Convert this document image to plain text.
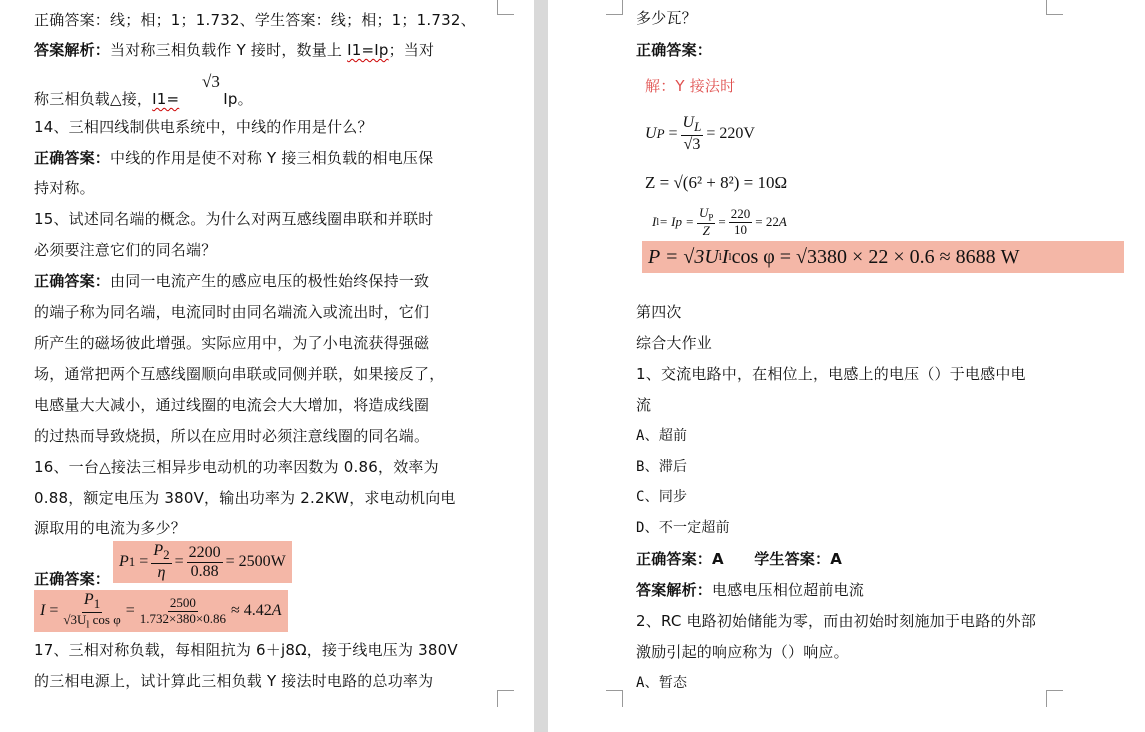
正确答案：线；相；1；1.732、学生答案：线；相；1；1.732、
答案解析：当对称三相负载作 Y 接时，数量上 I1=Ip；当对
√3
称三相负载△接，I1=	Ip。
14、三相四线制供电系统中，中线的作用是什么？
正确答案：中线的作用是使不对称 Y 接三相负载的相电压保
持对称。
15、试述同名端的概念。为什么对两互感线圈串联和并联时
必须要注意它们的同名端？
正确答案：由同一电流产生的感应电压的极性始终保持一致
的端子称为同名端，电流同时由同名端流入或流出时，它们
所产生的磁场彼此增强。实际应用中，为了小电流获得强磁
场，通常把两个互感线圈顺向串联或同侧并联，如果接反了，
电感量大大减小，通过线圈的电流会大大增加，将造成线圈
的过热而导致烧损，所以在应用时必须注意线圈的同名端。
16、一台△接法三相异步电动机的功率因数为 0.86，效率为
0.88，额定电压为 380V，输出功率为 2.2KW，求电动机向电
源取用的电流为多少？
正确答案：
P $1 = \frac{P_2}{\eta} = \frac{2200}{0.88} = 2500W$
$I = \frac{P_1}{√3U_l \cos \varphi} = \frac{2500}{1.732\times 380\times 0.86} \approx 4.42$ A
17、三相对称负载，每相阻抗为 6＋j8Ω，接于线电压为 380V
的三相电源上，试计算此三相负载 Y 接法时电路的总功率为
多少瓦？
正确答案：
解：Y 接法时
U $P = \frac{U_L}{√3} = 220V$
Z = √(6² + 8²) = 10Ω
I $l = Ip = \frac{U_P}{Z} = \frac{220}{10} = 22$ A
P = √3U l I l cos φ = √3380 × 22 × 0.6 ≈ 8688 W
第四次
综合大作业
1、交流电路中，在相位上，电感上的电压（）于电感中电
流
A、超前
B、滞后
C、同步
D、不一定超前
正确答案：A　　学生答案：A
答案解析：电感电压相位超前电流
2、RC 电路初始储能为零，而由初始时刻施加于电路的外部
激励引起的响应称为（）响应。
A、暂态
